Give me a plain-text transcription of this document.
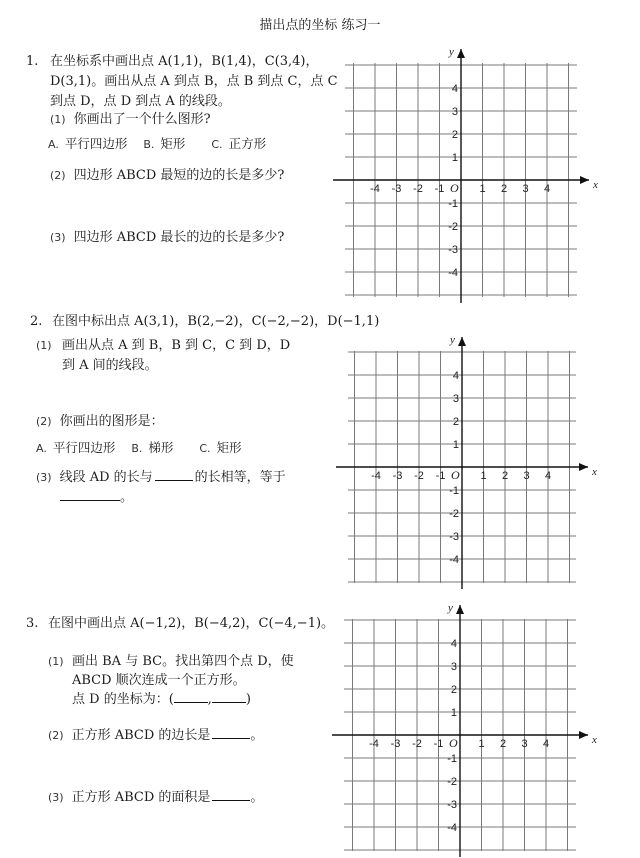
描出点的坐标 练习一
1. 在坐标系中画出点 A(1,1)，B(1,4)，C(3,4)，
D(3,1)。画出从点 A 到点 B，点 B 到点 C，点 C
到点 D，点 D 到点 A 的线段。
(1) 你画出了一个什么图形?
A. 平行四边形 B. 矩形 C. 正方形
(2) 四边形 ABCD 最短的边的长是多少?
(3) 四边形 ABCD 最长的边的长是多少?
2. 在图中标出点 A(3,1)，B(2,−2)，C(−2,−2)，D(−1,1)
(1) 画出从点 A 到 B，B 到 C，C 到 D，D
到 A 间的线段。
(2) 你画出的图形是：
A. 平行四边形 B. 梯形 C. 矩形
(3) 线段 AD 的长与	的长相等，等于
。
3. 在图中画出点 A(−1,2)，B(−4,2)，C(−4,−1)。
(1) 画出 BA 与 BC。找出第四个点 D，使
ABCD 顺次连成一个正方形。
点 D 的坐标为：(	,	)
(2) 正方形 ABCD 的边长是	。
(3) 正方形 ABCD 的面积是	。
x
y
O
-4 -3 -2 -1	1 2 3 4
4
3
2
1
-1
-2
-3
-4
x
y
O
-4 -3 -2 -1	1 2 3 4
4
3
2
1
-1
-2
-3
-4
x
y
O
-4 -3 -2 -1	1 2 3 4
4
3
2
1
-1
-2
-3
-4
